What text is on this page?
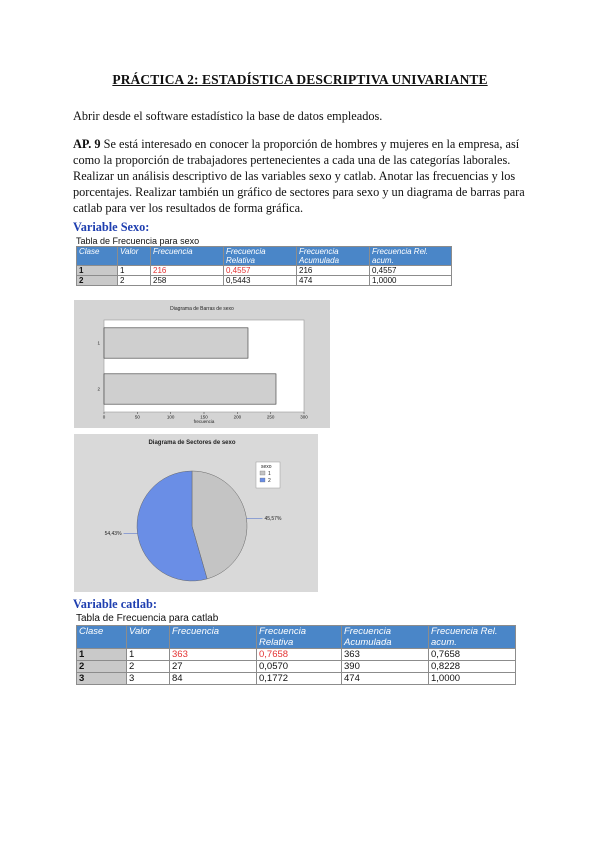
PRÁCTICA 2: ESTADÍSTICA DESCRIPTIVA UNIVARIANTE
Abrir desde el software estadístico la base de datos empleados.
AP. 9 Se está interesado en conocer la proporción de hombres y mujeres en la empresa, así como la proporción de trabajadores pertenecientes a cada una de las categorías laborales. Realizar un análisis descriptivo de las variables sexo y catlab. Anotar las frecuencias y los porcentajes. Realizar también un gráfico de sectores para sexo y un diagrama de barras para catlab para ver los resultados de forma gráfica.
Variable Sexo:
Tabla de Frecuencia para sexo
Clase	Valor	Frecuencia	Frecuencia Relativa	Frecuencia Acumulada	Frecuencia Rel. acum.
1	1	216	0,4557	216	0,4557
2	2	258	0,5443	474	1,0000
Diagrama de Barras de sexo
1
2
0	50	100	150	200	250	300
frecuencia
Diagrama de Sectores de sexo
45,57%
54,43%
sexo
1
2
Variable catlab:
Tabla de Frecuencia para catlab
Clase	Valor	Frecuencia	Frecuencia Relativa	Frecuencia Acumulada	Frecuencia Rel. acum.
1	1	363	0,7658	363	0,7658
2	2	27	0,0570	390	0,8228
3	3	84	0,1772	474	1,0000
